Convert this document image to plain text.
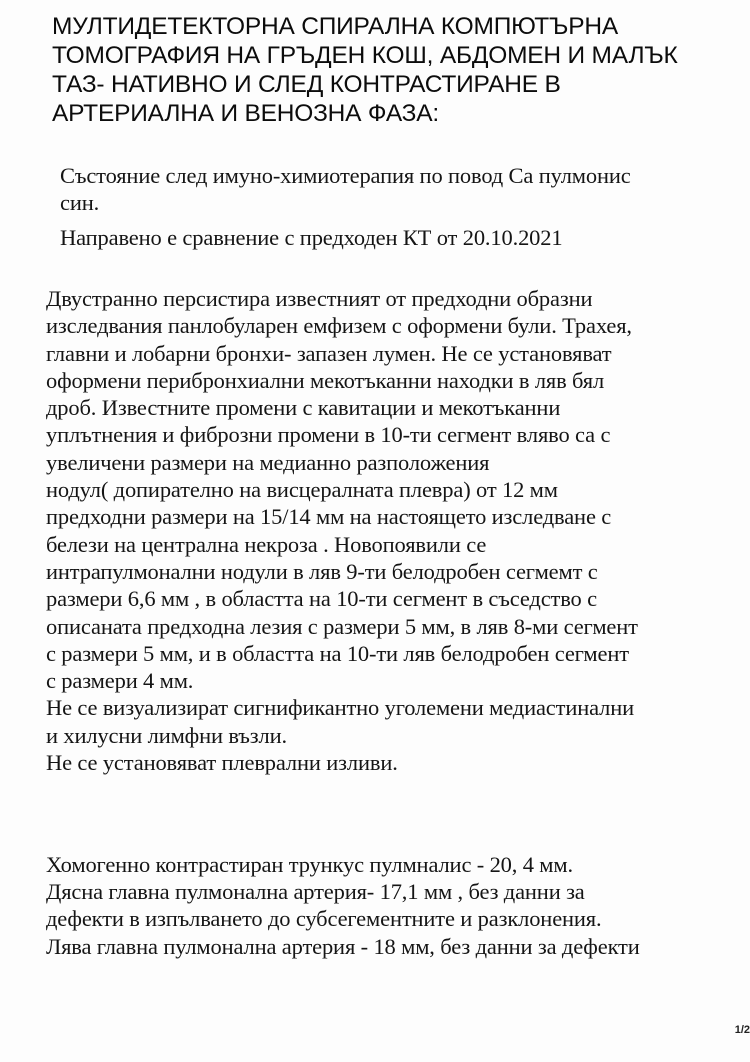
МУЛТИДЕТЕКТОРНА СПИРАЛНА КОМПЮТЪРНА
ТОМОГРАФИЯ НА ГРЪДЕН КОШ, АБДОМЕН И МАЛЪК
ТАЗ- НАТИВНО И СЛЕД КОНТРАСТИРАНЕ В
АРТЕРИАЛНА И ВЕНОЗНА ФАЗА:
Състояние след имуно-химиотерапия по повод Са пулмонис
син.
Направено е сравнение с предходен КТ от 20.10.2021
Двустранно персистира известният от предходни образни
изследвания панлобуларен емфизем с оформени були. Трахея,
главни и лобарни бронхи- запазен лумен. Не се установяват
оформени перибронхиални мекотъканни находки в ляв бял
дроб. Известните промени с кавитации и мекотъканни
уплътнения и фиброзни промени в 10-ти сегмент вляво са с
увеличени размери на медианно разположения
нодул( допирателно на висцералната плевра) от 12 мм
предходни размери на 15/14 мм на настоящето изследване с
белези на централна некроза . Новопоявили се
интрапулмонални нодули в ляв 9-ти белодробен сегмемт с
размери 6,6 мм , в областта на 10-ти сегмент в съседство с
описаната предходна лезия с размери 5 мм, в ляв 8-ми сегмент
с размери 5 мм, и в областта на 10-ти ляв белодробен сегмент
с размери 4 мм.
Не се визуализират сигнификантно уголемени медиастинални
и хилусни лимфни възли.
Не се установяват плеврални изливи.
Хомогенно контрастиран трункус пулмналис - 20, 4 мм.
Дясна главна пулмонална артерия- 17,1 мм , без данни за
дефекти в изпълването до субсегементните и разклонения.
Лява главна пулмонална артерия - 18 мм, без данни за дефекти
1/2
